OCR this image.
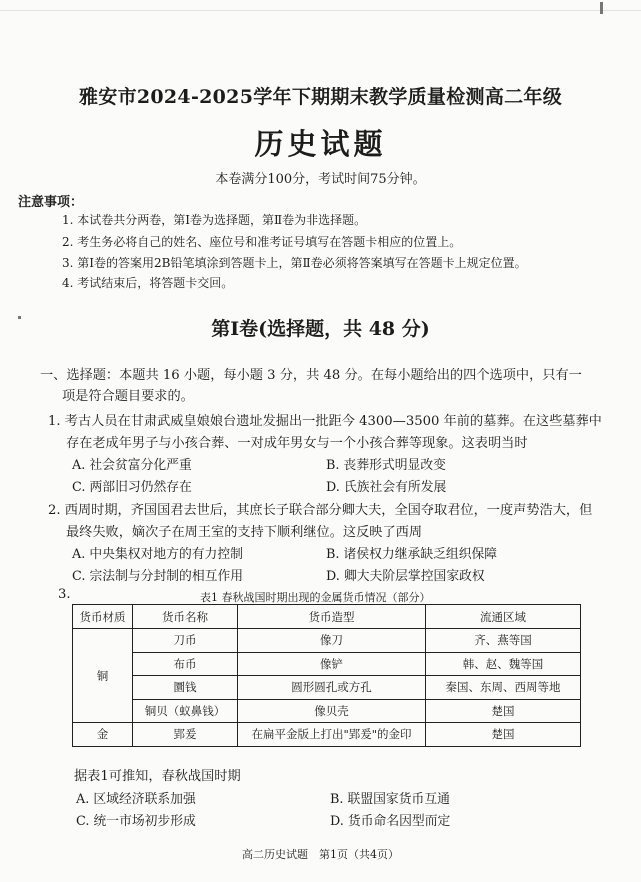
雅安市2024-2025学年下期期末教学质量检测高二年级
历史试题
本卷满分100分，考试时间75分钟。
注意事项：
1. 本试卷共分两卷，第Ⅰ卷为选择题，第Ⅱ卷为非选择题。
2. 考生务必将自己的姓名、座位号和准考证号填写在答题卡相应的位置上。
3. 第Ⅰ卷的答案用2B铅笔填涂到答题卡上，第Ⅱ卷必须将答案填写在答题卡上规定位置。
4. 考试结束后，将答题卡交回。
第Ⅰ卷(选择题，共 48 分)
一、选择题：本题共 16 小题，每小题 3 分，共 48 分。在每小题给出的四个选项中，只有一
项是符合题目要求的。
1. 考古人员在甘肃武威皇娘娘台遗址发掘出一批距今 4300—3500 年前的墓葬。在这些墓葬中
存在老成年男子与小孩合葬、一对成年男女与一个小孩合葬等现象。这表明当时
A. 社会贫富分化严重	B. 丧葬形式明显改变
C. 两部旧习仍然存在	D. 氏族社会有所发展
2. 西周时期，齐国国君去世后，其庶长子联合部分卿大夫，全国夺取君位，一度声势浩大，但
最终失败，嫡次子在周王室的支持下顺利继位。这反映了西周
A. 中央集权对地方的有力控制	B. 诸侯权力继承缺乏组织保障
C. 宗法制与分封制的相互作用	D. 卿大夫阶层掌控国家政权
3.	表1 春秋战国时期出现的金属货币情况（部分）
货币材质	货币名称	货币造型	流通区域
铜	刀币	像刀	齐、燕等国
	布币	像铲	韩、赵、魏等国
	圜钱	圆形圆孔或方孔	秦国、东周、西周等地
	铜贝（蚁鼻钱）	像贝壳	楚国
金	郢爰	在扁平金版上打出"郢爰"的金印	楚国
据表1可推知，春秋战国时期
A. 区域经济联系加强	B. 联盟国家货币互通
C. 统一市场初步形成	D. 货币命名因型而定
高二历史试题　第1页（共4页）
